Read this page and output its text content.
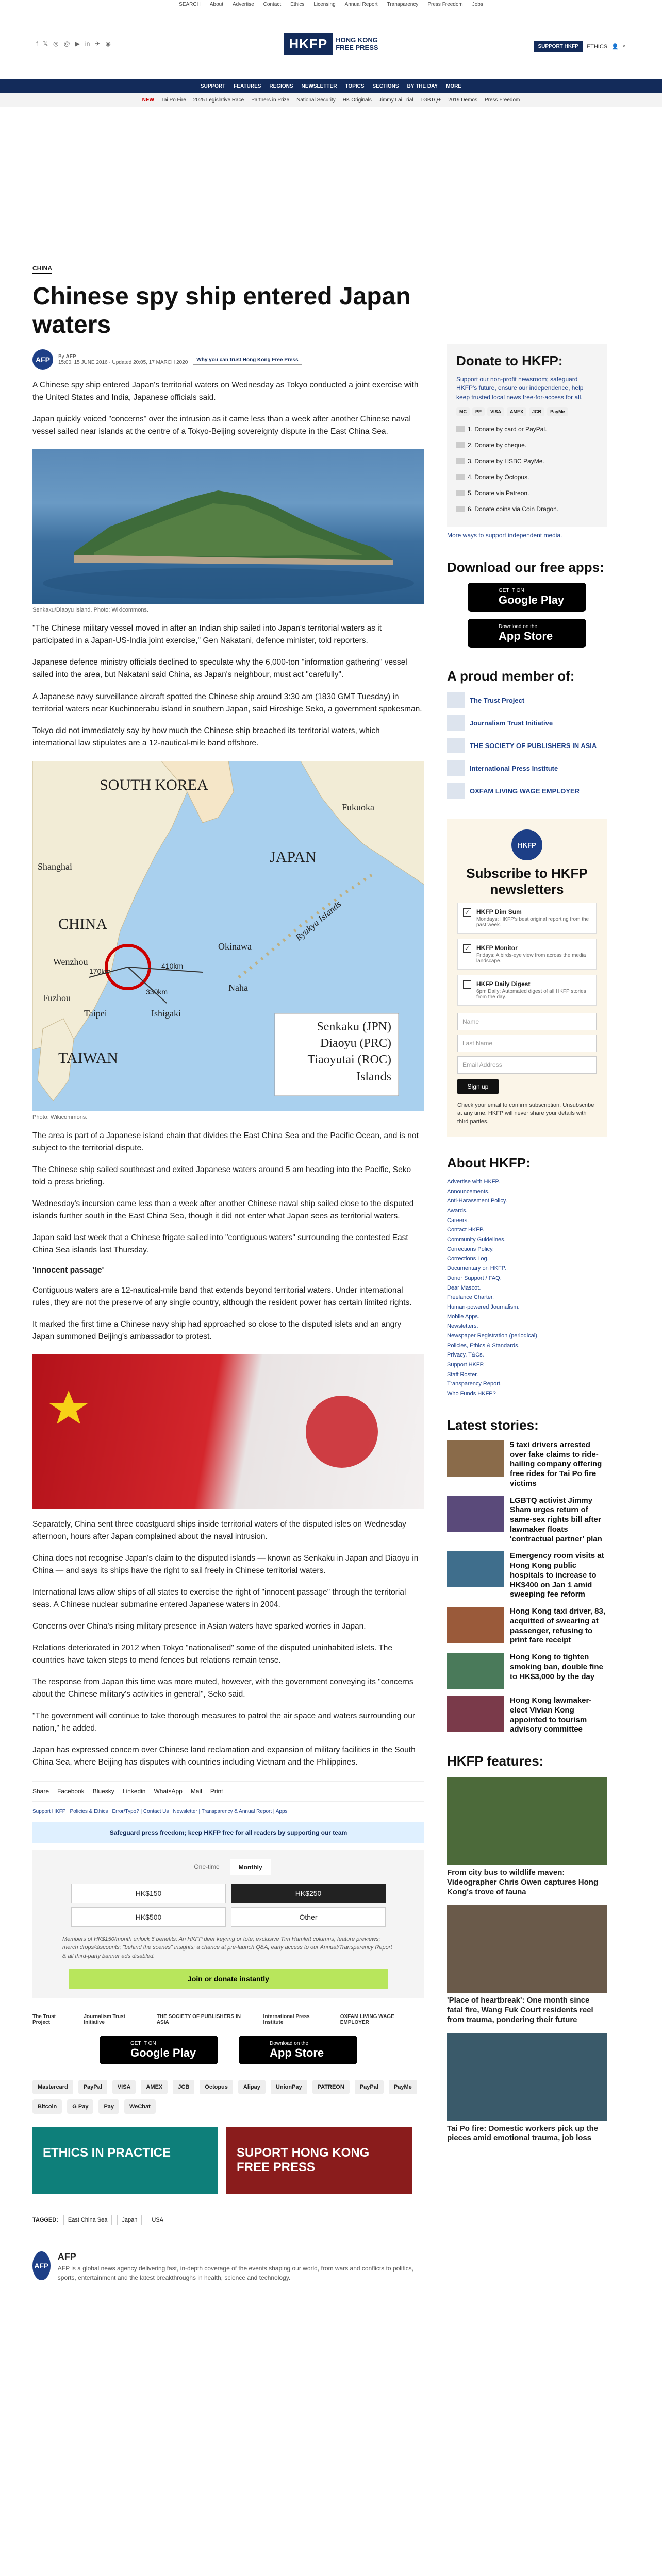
SEARCH About Advertise Contact Ethics Licensing Annual Report Transparency Press Freedom Jobs
f 𝕏 ◎ @ ▶ in ✈ ◉	HKFP	HONG KONG
FREE PRESS	SUPPORT HKFP	ETHICS 👤 ⌕
SUPPORT FEATURES REGIONS NEWSLETTER TOPICS SECTIONS BY THE DAY MORE
NEW Tai Po Fire 2025 Legislative Race Partners in Prize National Security HK Originals Jimmy Lai Trial LGBTQ+ 2019 Demos Press Freedom
CHINA
Chinese spy ship entered Japan waters
AFP	By AFP
15:00, 15 JUNE 2016 · Updated 20:05, 17 MARCH 2020	Why you can trust Hong Kong Free Press

A Chinese spy ship entered Japan's territorial waters on Wednesday as Tokyo conducted a joint exercise with the United States and India, Japanese officials said.

Japan quickly voiced "concerns" over the intrusion as it came less than a week after another Chinese naval vessel sailed near islands at the centre of a Tokyo-Beijing sovereignty dispute in the East China Sea.

Senkaku/Diaoyu Island. Photo: Wikicommons.

"The Chinese military vessel moved in after an Indian ship sailed into Japan's territorial waters as it participated in a Japan-US-India joint exercise," Gen Nakatani, defence minister, told reporters.

Japanese defence ministry officials declined to speculate why the 6,000-ton "information gathering" vessel sailed into the area, but Nakatani said China, as Japan's neighbour, must act "carefully".

A Japanese navy surveillance aircraft spotted the Chinese ship around 3:30 am (1830 GMT Tuesday) in territorial waters near Kuchinoerabu island in southern Japan, said Hiroshige Seko, a government spokesman.

Tokyo did not immediately say by how much the Chinese ship breached its territorial waters, which international law stipulates are a 12-nautical-mile band offshore.

SOUTH KOREA
JAPAN
CHINA
TAIWAN
Shanghai
Wenzhou
Fuzhou
Taipei
Fukuoka
Okinawa
Naha
Ishigaki
Ryukyu Islands
170km
410km
330km
Senkaku (JPN)
Diaoyu (PRC)
Tiaoyutai (ROC)
Islands
Photo: Wikicommons.

The area is part of a Japanese island chain that divides the East China Sea and the Pacific Ocean, and is not subject to the territorial dispute.

The Chinese ship sailed southeast and exited Japanese waters around 5 am heading into the Pacific, Seko told a press briefing.

Wednesday's incursion came less than a week after another Chinese naval ship sailed close to the disputed islands further south in the East China Sea, though it did not enter what Japan sees as territorial waters.

Japan said last week that a Chinese frigate sailed into "contiguous waters" surrounding the contested East China Sea islands last Thursday.

'Innocent passage'

Contiguous waters are a 12-nautical-mile band that extends beyond territorial waters. Under international rules, they are not the preserve of any single country, although the resident power has certain limited rights.

It marked the first time a Chinese navy ship had approached so close to the disputed islets and an angry Japan summoned Beijing's ambassador to protest.

Separately, China sent three coastguard ships inside territorial waters of the disputed isles on Wednesday afternoon, hours after Japan complained about the naval intrusion.

China does not recognise Japan's claim to the disputed islands — known as Senkaku in Japan and Diaoyu in China — and says its ships have the right to sail freely in Chinese territorial waters.

International laws allow ships of all states to exercise the right of "innocent passage" through the territorial seas. A Chinese nuclear submarine entered Japanese waters in 2004.

Concerns over China's rising military presence in Asian waters have sparked worries in Japan.

Relations deteriorated in 2012 when Tokyo "nationalised" some of the disputed uninhabited islets. The countries have taken steps to mend fences but relations remain tense.

The response from Japan this time was more muted, however, with the government conveying its "concerns about the Chinese military's activities in general", Seko said.

"The government will continue to take thorough measures to patrol the air space and waters surrounding our nation," he added.

Japan has expressed concern over Chinese land reclamation and expansion of military facilities in the South China Sea, where Beijing has disputes with countries including Vietnam and the Philippines.

Share Facebook Bluesky Linkedin WhatsApp Mail Print
Support HKFP | Policies & Ethics | Error/Typo? | Contact Us | Newsletter | Transparency & Annual Report | Apps
Safeguard press freedom; keep HKFP free for all readers by supporting our team
One-time	Monthly
HK$150	HK$250
HK$500	Other
Members of HK$150/month unlock 6 benefits: An HKFP deer keyring or tote; exclusive Tim Hamlett columns; feature previews; merch drops/discounts; "behind the scenes" insights; a chance at pre-launch Q&A; early access to our Annual/Transparency Report & all third-party banner ads disabled.
Join or donate instantly
The Trust Project
Journalism Trust Initiative
THE SOCIETY OF PUBLISHERS IN ASIA
International Press Institute
OXFAM LIVING WAGE EMPLOYER
GET IT ON
Google Play
Download on the
App Store
Mastercard	PayPal	VISA	AMEX	JCB	Octopus	Alipay	UnionPay	PATREON	PayPal	PayMe
Bitcoin	G Pay	Pay	WeChat
ETHICS IN PRACTICE	SUPORT HONG KONG FREE PRESS
TAGGED:	East China Sea	Japan	USA
AFP
AFP
AFP is a global news agency delivering fast, in-depth coverage of the events shaping our world, from wars and conflicts to politics, sports, entertainment and the latest breakthroughs in health, science and technology.
Donate to HKFP:
Support our non-profit newsroom; safeguard HKFP's future, ensure our independence, help keep trusted local news free-for-access for all.
MC	PP	VISA	AMEX	JCB	PayMe
1. Donate by card or PayPal.
2. Donate by cheque.
3. Donate by HSBC PayMe.
4. Donate by Octopus.
5. Donate via Patreon.
6. Donate coins via Coin Dragon.
More ways to support independent media.
Download our free apps:
GET IT ON
Google Play
Download on the
App Store
A proud member of:
The Trust Project
Journalism Trust Initiative
THE SOCIETY OF PUBLISHERS IN ASIA
International Press Institute
OXFAM LIVING WAGE EMPLOYER
HKFP
Subscribe to HKFP newsletters
✓ HKFP Dim Sum
Mondays: HKFP's best original reporting from the past week.
✓ HKFP Monitor
Fridays: A birds-eye view from across the media landscape.
HKFP Daily Digest
6pm Daily: Automated digest of all HKFP stories from the day.
Name
Last Name
Email Address
Sign up
Check your email to confirm subscription. Unsubscribe at any time. HKFP will never share your details with third parties.
About HKFP:
Advertise with HKFP.
Announcements.
Anti-Harassment Policy.
Awards.
Careers.
Contact HKFP.
Community Guidelines.
Corrections Policy.
Corrections Log.
Documentary on HKFP.
Donor Support / FAQ.
Dear Mascot.
Freelance Charter.
Human-powered Journalism.
Mobile Apps.
Newsletters.
Newspaper Registration (periodical).
Policies, Ethics & Standards.
Privacy, T&Cs.
Support HKFP.
Staff Roster.
Transparency Report.
Who Funds HKFP?
Latest stories:
5 taxi drivers arrested over fake claims to ride-hailing company offering free rides for Tai Po fire victims
LGBTQ activist Jimmy Sham urges return of same-sex rights bill after lawmaker floats 'contractual partner' plan
Emergency room visits at Hong Kong public hospitals to increase to HK$400 on Jan 1 amid sweeping fee reform
Hong Kong taxi driver, 83, acquitted of swearing at passenger, refusing to print fare receipt
Hong Kong to tighten smoking ban, double fine to HK$3,000 by the day
Hong Kong lawmaker-elect Vivian Kong appointed to tourism advisory committee
HKFP features:
From city bus to wildlife maven: Videographer Chris Owen captures Hong Kong's trove of fauna
'Place of heartbreak': One month since fatal fire, Wang Fuk Court residents reel from trauma, pondering their future
Tai Po fire: Domestic workers pick up the pieces amid emotional trauma, job loss
